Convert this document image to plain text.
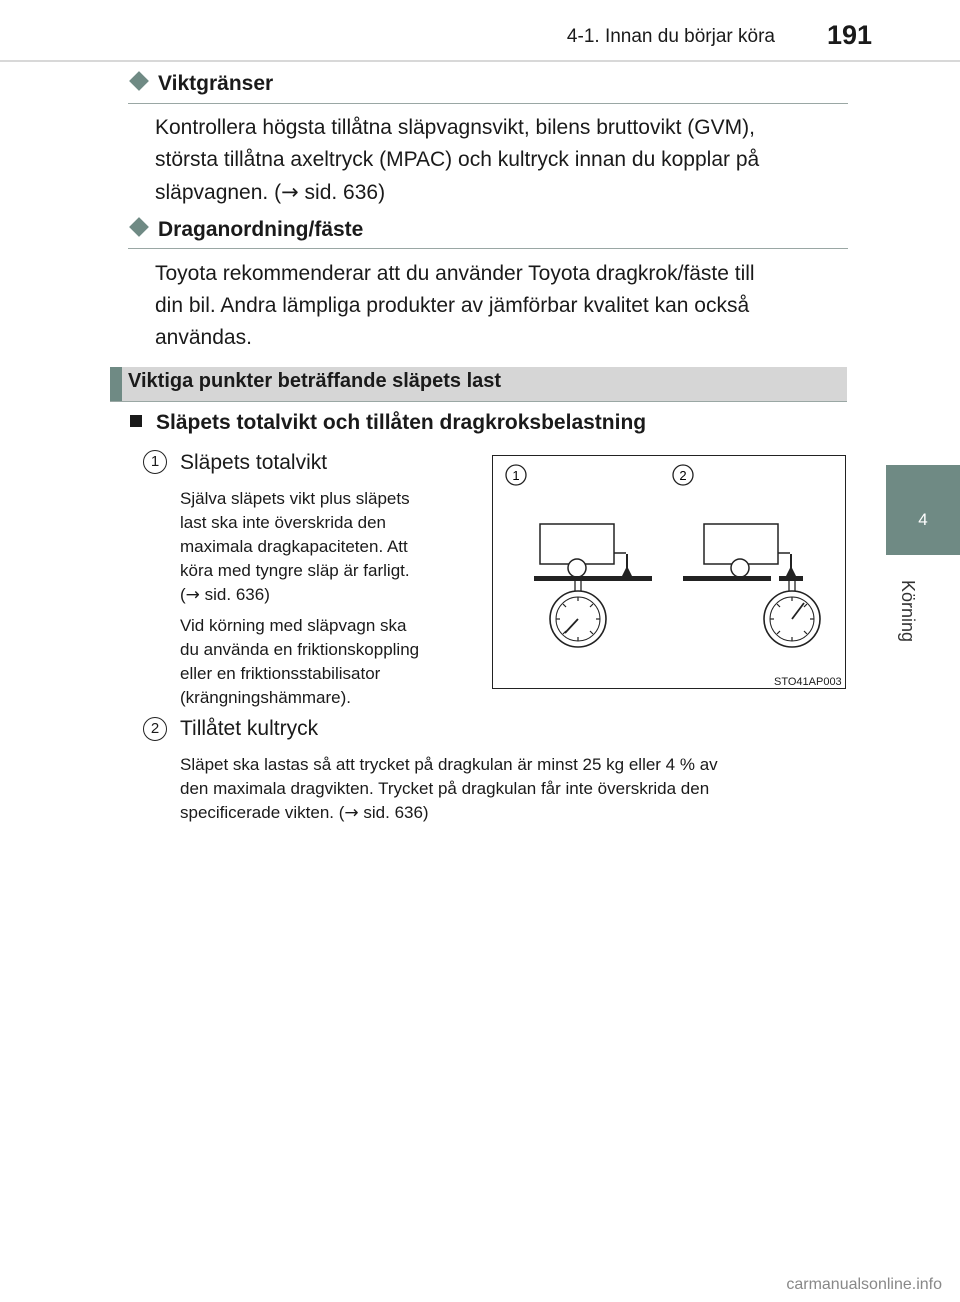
4-1. Innan du börjar köra 191
4
Körning
Viktgränser
Kontrollera högsta tillåtna släpvagnsvikt, bilens bruttovikt (GVM),
största tillåtna axeltryck (MPAC) och kultryck innan du kopplar på
släpvagnen. (→ sid. 636)
Draganordning/fäste
Toyota rekommenderar att du använder Toyota dragkrok/fäste till
din bil. Andra lämpliga produkter av jämförbar kvalitet kan också
användas.
Viktiga punkter beträffande släpets last
Släpets totalvikt och tillåten dragkroksbelastning
1 Släpets totalvikt
Själva släpets vikt plus släpets
last ska inte överskrida den
maximala dragkapaciteten. Att
köra med tyngre släp är farligt.
(→ sid. 636)
Vid körning med släpvagn ska
du använda en friktionskoppling
eller en friktionsstabilisator
(krängningshämmare).
1	2
STO41AP003
2 Tillåtet kultryck
Släpet ska lastas så att trycket på dragkulan är minst 25 kg eller 4 % av
den maximala dragvikten. Trycket på dragkulan får inte överskrida den
specificerade vikten. (→ sid. 636)
carmanualsonline.info
